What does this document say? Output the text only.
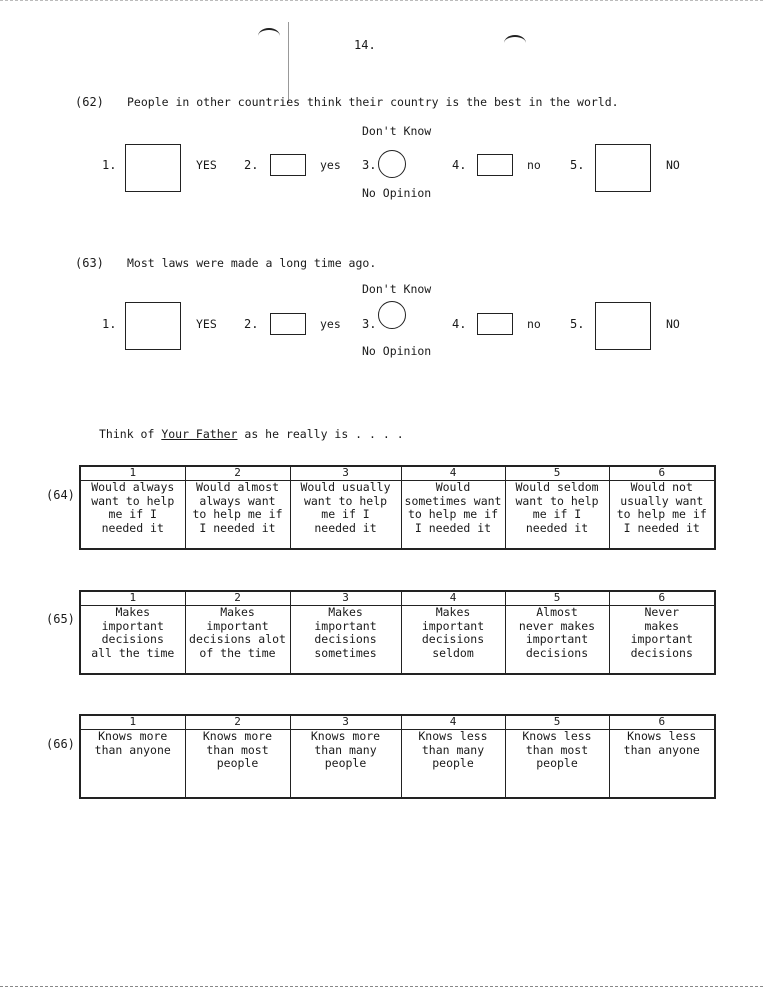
14.
(62) People in other countries think their country is the best in the world.
Don't Know
1.	YES 2.	yes 3.	4.	no 5.	NO
No Opinion
(63) Most laws were made a long time ago.
Don't Know
1.	YES 2.	yes 3.	4.	no 5.	NO
No Opinion
Think of Your Father as he really is . . . .
(64)
1	2	3	4	5	6
Would always
want to help
me if I
needed it	Would almost
always want
to help me if
I needed it	Would usually
want to help
me if I
needed it	Would
sometimes want
to help me if
I needed it	Would seldom
want to help
me if I
needed it	Would not
usually want
to help me if
I needed it
(65)
1	2	3	4	5	6
Makes
important
decisions
all the time	Makes
important
decisions alot
of the time	Makes
important
decisions
sometimes	Makes
important
decisions
seldom	Almost
never makes
important
decisions	Never
makes
important
decisions
(66)
1	2	3	4	5	6
Knows more
than anyone	Knows more
than most
people	Knows more
than many
people	Knows less
than many
people	Knows less
than most
people	Knows less
than anyone
